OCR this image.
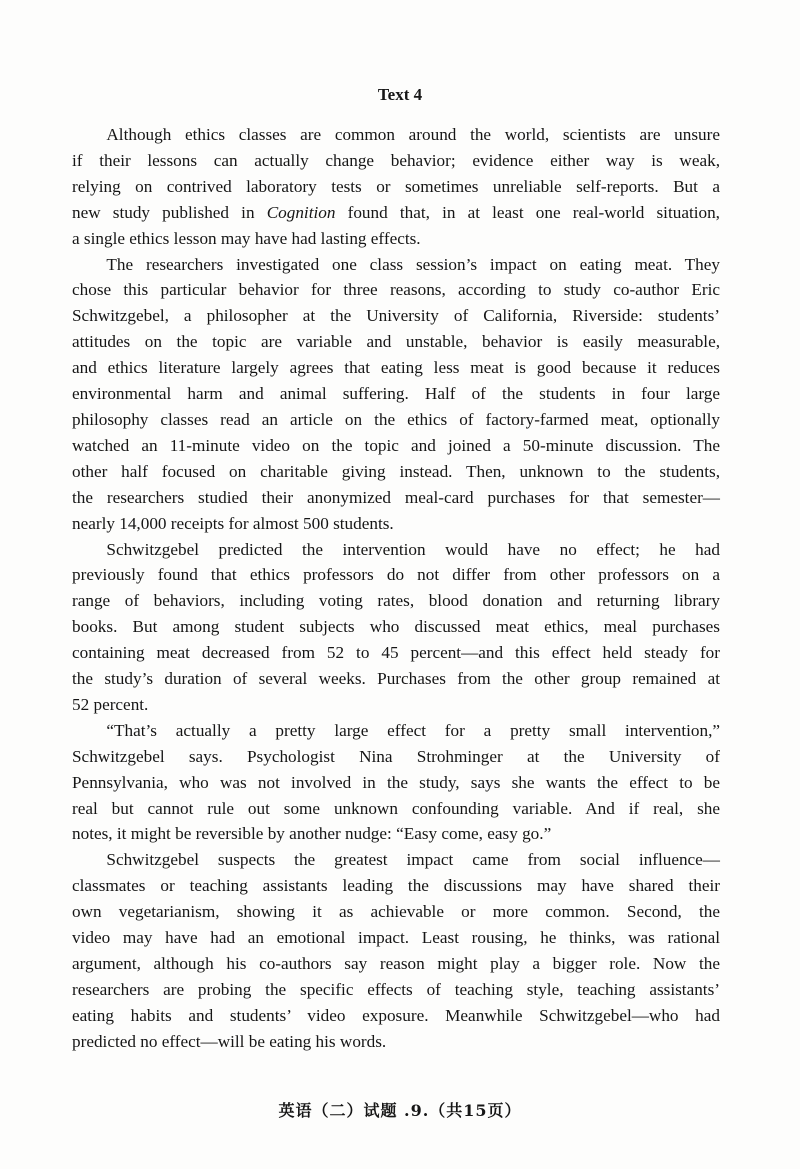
Text 4
Although ethics classes are common around the world, scientists are unsure
if their lessons can actually change behavior; evidence either way is weak,
relying on contrived laboratory tests or sometimes unreliable self-reports. But a
new study published in Cognition found that, in at least one real-world situation,
a single ethics lesson may have had lasting effects.
The researchers investigated one class session’s impact on eating meat. They
chose this particular behavior for three reasons, according to study co-author Eric
Schwitzgebel, a philosopher at the University of California, Riverside: students’
attitudes on the topic are variable and unstable, behavior is easily measurable,
and ethics literature largely agrees that eating less meat is good because it reduces
environmental harm and animal suffering. Half of the students in four large
philosophy classes read an article on the ethics of factory-farmed meat, optionally
watched an 11-minute video on the topic and joined a 50-minute discussion. The
other half focused on charitable giving instead. Then, unknown to the students,
the researchers studied their anonymized meal-card purchases for that semester—
nearly 14,000 receipts for almost 500 students.
Schwitzgebel predicted the intervention would have no effect; he had
previously found that ethics professors do not differ from other professors on a
range of behaviors, including voting rates, blood donation and returning library
books. But among student subjects who discussed meat ethics, meal purchases
containing meat decreased from 52 to 45 percent—and this effect held steady for
the study’s duration of several weeks. Purchases from the other group remained at
52 percent.
“That’s actually a pretty large effect for a pretty small intervention,”
Schwitzgebel says. Psychologist Nina Strohminger at the University of
Pennsylvania, who was not involved in the study, says she wants the effect to be
real but cannot rule out some unknown confounding variable. And if real, she
notes, it might be reversible by another nudge: “Easy come, easy go.”
Schwitzgebel suspects the greatest impact came from social influence—
classmates or teaching assistants leading the discussions may have shared their
own vegetarianism, showing it as achievable or more common. Second, the
video may have had an emotional impact. Least rousing, he thinks, was rational
argument, although his co-authors say reason might play a bigger role. Now the
researchers are probing the specific effects of teaching style, teaching assistants’
eating habits and students’ video exposure. Meanwhile Schwitzgebel—who had
predicted no effect—will be eating his words.
英语（二）试题 .9.（共15页）
